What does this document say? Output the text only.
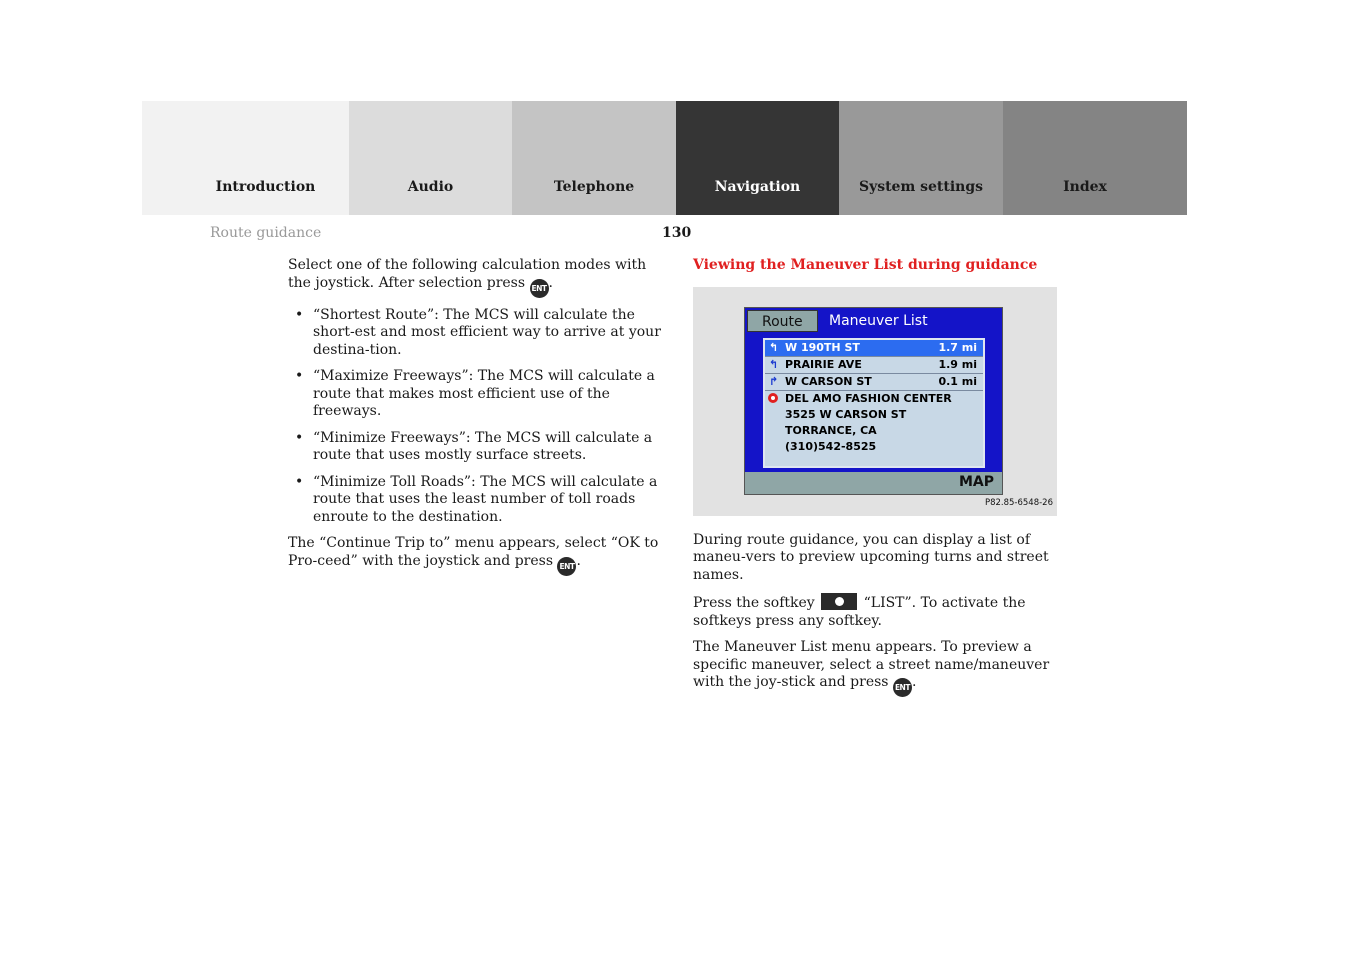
Introduction	Audio	Telephone	Navigation	System settings	Index
Route guidance	130

Select one of the following calculation modes with the joystick. After selection press ENT .

• “Shortest Route”: The MCS will calculate the short-est and most efficient way to arrive at your destina-tion.
• “Maximize Freeways”: The MCS will calculate a route that makes most efficient use of the freeways.
• “Minimize Freeways”: The MCS will calculate a route that uses mostly surface streets.
• “Minimize Toll Roads”: The MCS will calculate a route that uses the least number of toll roads enroute to the destination.

The “Continue Trip to” menu appears, select “OK to Pro-ceed” with the joystick and press ENT .

Viewing the Maneuver List during guidance
Route	Maneuver List
↰ W 190TH ST	1.7 mi
↰ PRAIRIE AVE	1.9 mi
↱ W CARSON ST	0.1 mi
DEL AMO FASHION CENTER
3525 W CARSON ST
TORRANCE, CA
(310)542-8525
MAP
P82.85-6548-26

During route guidance, you can display a list of maneu-vers to preview upcoming turns and street names.

Press the softkey	“LIST”. To activate the softkeys press any softkey.

The Maneuver List menu appears. To preview a specific maneuver, select a street name/maneuver with the joy-stick and press ENT .
